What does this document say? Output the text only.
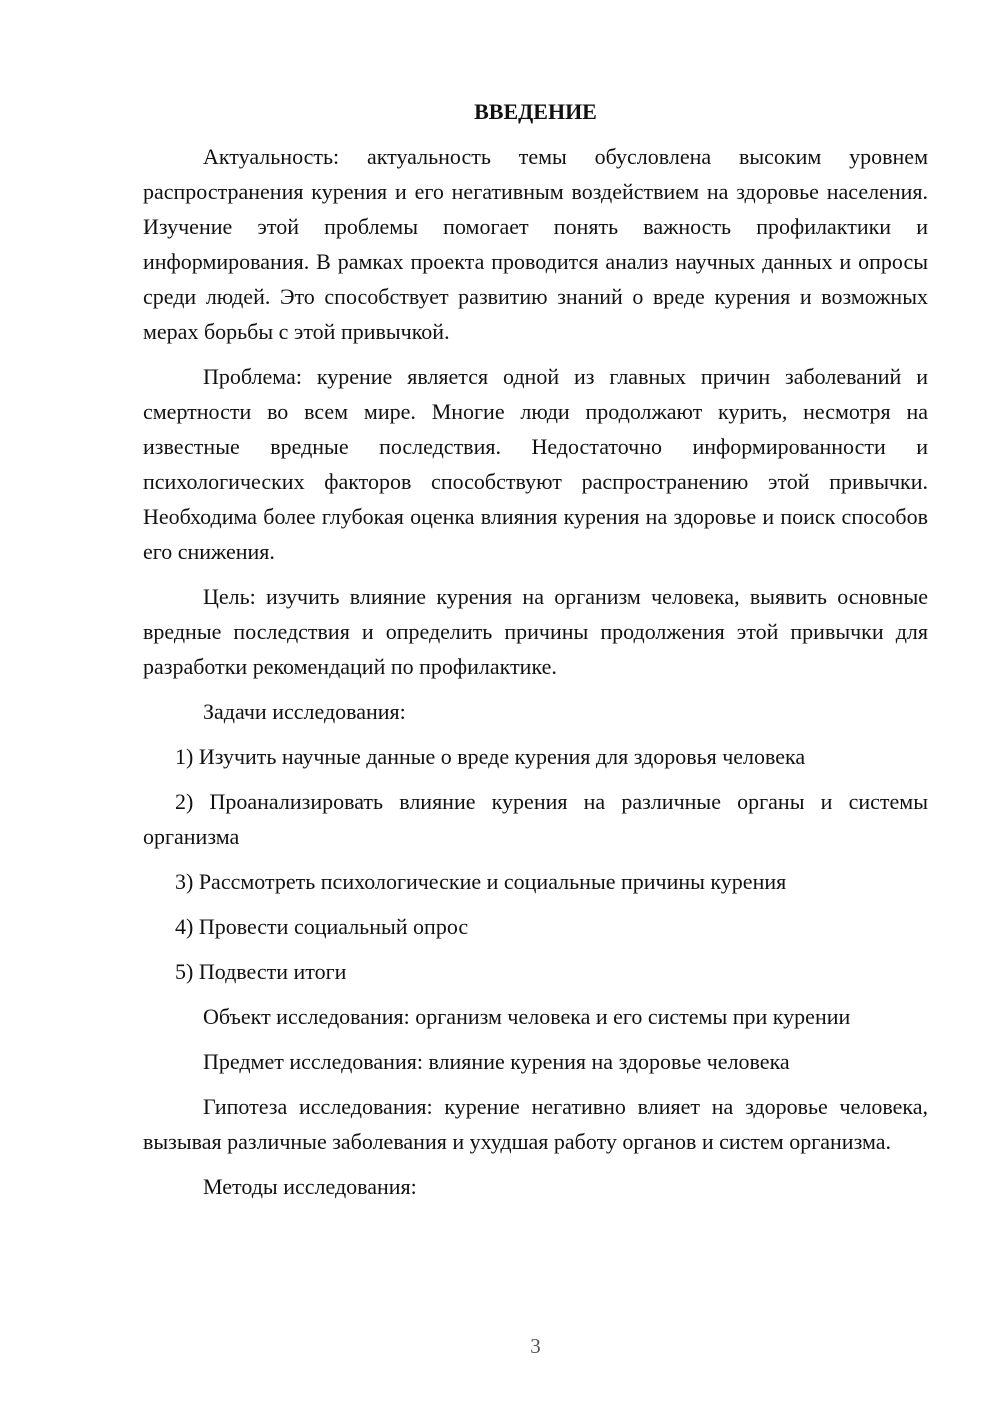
ВВЕДЕНИЕ

Актуальность: актуальность темы обусловлена высоким уровнем распространения курения и его негативным воздействием на здоровье населения. Изучение этой проблемы помогает понять важность профилактики и информирования. В рамках проекта проводится анализ научных данных и опросы среди людей. Это способствует развитию знаний о вреде курения и возможных мерах борьбы с этой привычкой.

Проблема: курение является одной из главных причин заболеваний и смертности во всем мире. Многие люди продолжают курить, несмотря на известные вредные последствия. Недостаточно информированности и психологических факторов способствуют распространению этой привычки. Необходима более глубокая оценка влияния курения на здоровье и поиск способов его снижения.

Цель: изучить влияние курения на организм человека, выявить основные вредные последствия и определить причины продолжения этой привычки для разработки рекомендаций по профилактике.

Задачи исследования:

1) Изучить научные данные о вреде курения для здоровья человека

2) Проанализировать влияние курения на различные органы и системы организма

3) Рассмотреть психологические и социальные причины курения

4) Провести социальный опрос

5) Подвести итоги

Объект исследования: организм человека и его системы при курении

Предмет исследования: влияние курения на здоровье человека

Гипотеза исследования: курение негативно влияет на здоровье человека, вызывая различные заболевания и ухудшая работу органов и систем организма.

Методы исследования:

3
